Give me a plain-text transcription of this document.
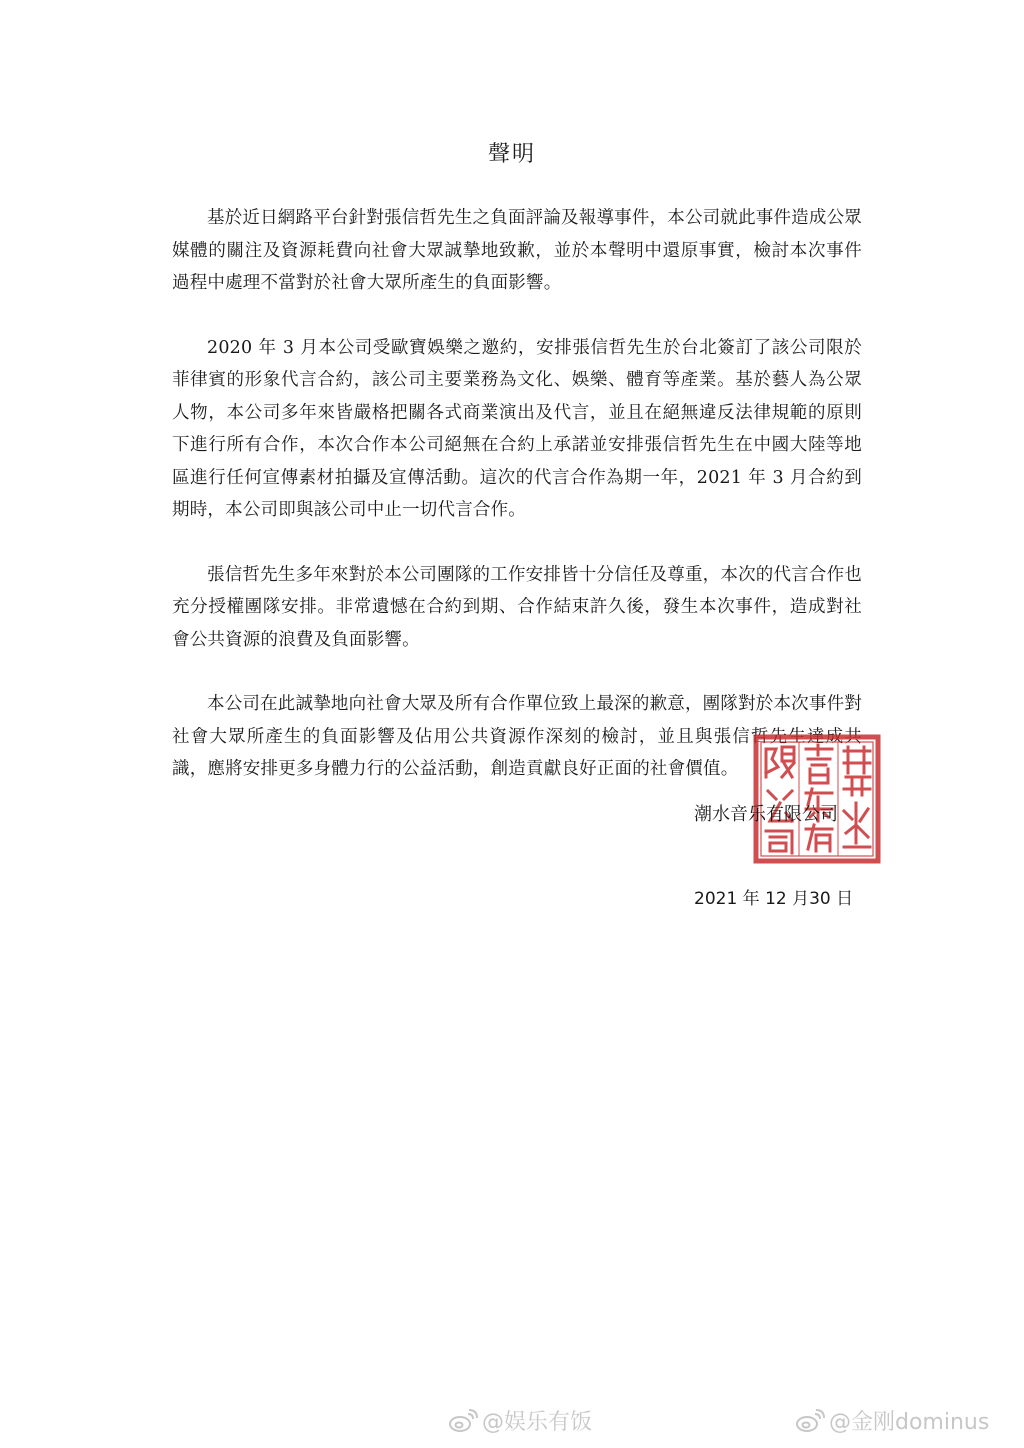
聲明

基於近日網路平台針對張信哲先生之負面評論及報導事件，本公司就此事件造成公眾媒體的關注及資源耗費向社會大眾誠摯地致歉，並於本聲明中還原事實，檢討本次事件過程中處理不當對於社會大眾所產生的負面影響。

2020 年 3 月本公司受歐寶娛樂之邀約，安排張信哲先生於台北簽訂了該公司限於菲律賓的形象代言合約，該公司主要業務為文化、娛樂、體育等產業。基於藝人為公眾人物，本公司多年來皆嚴格把關各式商業演出及代言，並且在絕無違反法律規範的原則下進行所有合作，本次合作本公司絕無在合約上承諾並安排張信哲先生在中國大陸等地區進行任何宣傳素材拍攝及宣傳活動。這次的代言合作為期一年，2021 年 3 月合約到期時，本公司即與該公司中止一切代言合作。

張信哲先生多年來對於本公司團隊的工作安排皆十分信任及尊重，本次的代言合作也充分授權團隊安排。非常遺憾在合約到期、合作結束許久後，發生本次事件，造成對社會公共資源的浪費及負面影響。

本公司在此誠摯地向社會大眾及所有合作單位致上最深的歉意，團隊對於本次事件對社會大眾所產生的負面影響及佔用公共資源作深刻的檢討，並且與張信哲先生達成共識，應將安排更多身體力行的公益活動，創造貢獻良好正面的社會價值。

潮水音乐有限公司
2021 年 12 月30 日
@娱乐有饭	@金刚dominus
